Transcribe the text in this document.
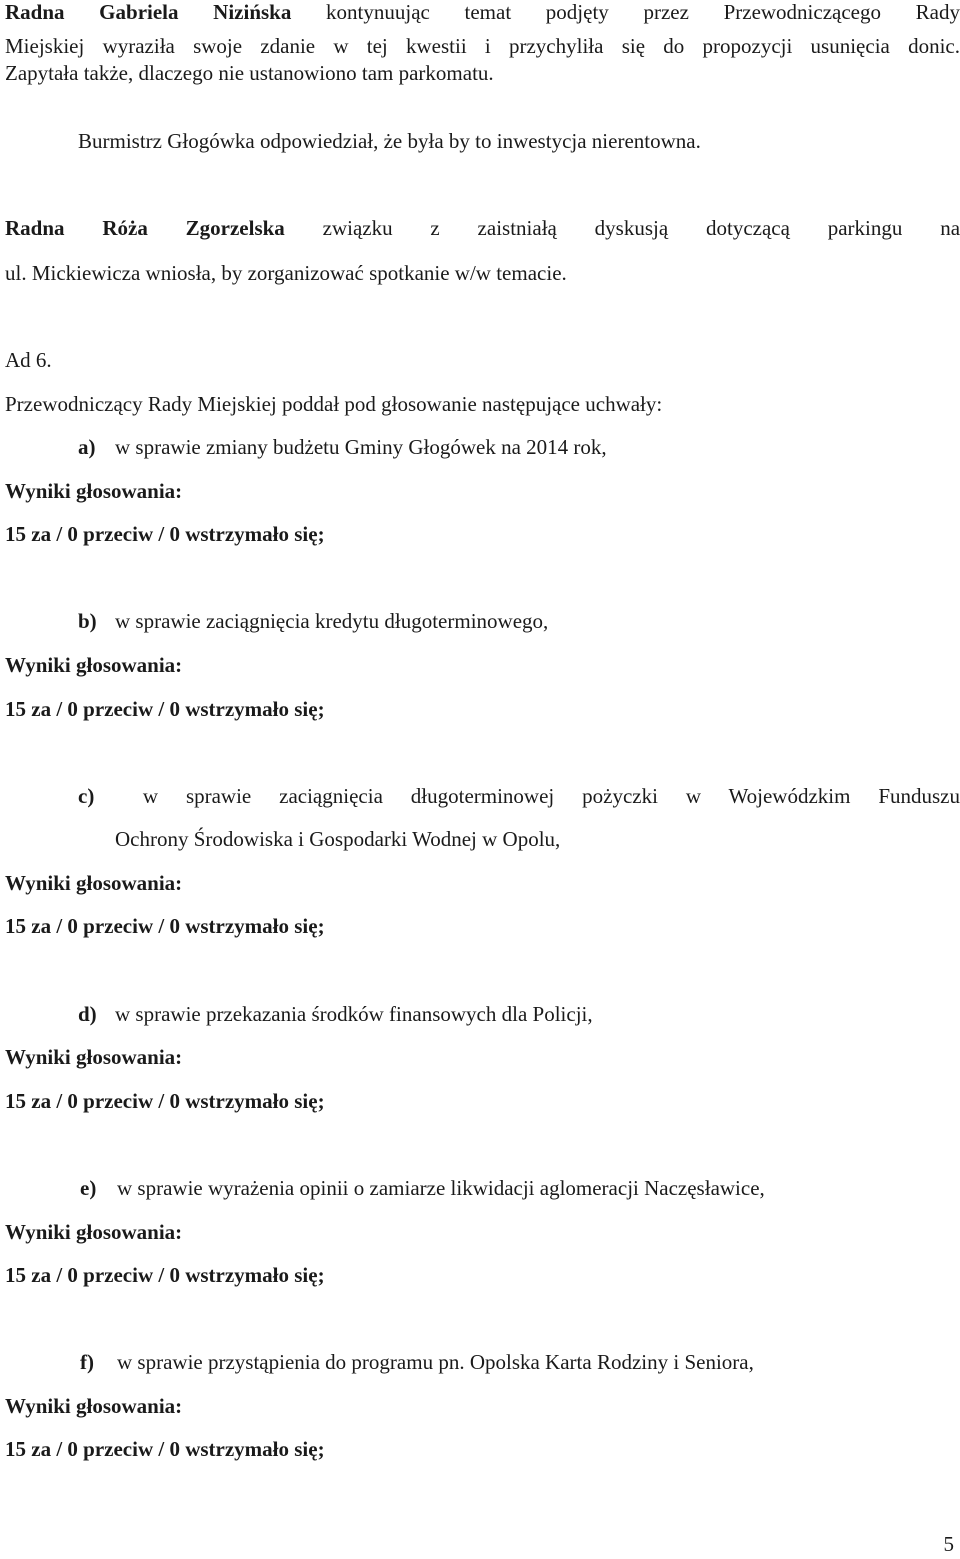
Radna Gabriela Nizińska kontynuując temat podjęty przez Przewodniczącego Rady
Miejskiej wyraziła swoje zdanie w tej kwestii i przychyliła się do propozycji usunięcia donic.
Zapytała także, dlaczego nie ustanowiono tam parkomatu.
Burmistrz Głogówka odpowiedział, że była by to inwestycja nierentowna.
Radna Róża Zgorzelska związku z zaistniałą dyskusją dotyczącą parkingu na
ul. Mickiewicza wniosła, by zorganizować spotkanie w/w temacie.
Ad 6.
Przewodniczący Rady Miejskiej poddał pod głosowanie następujące uchwały:
a) w sprawie zmiany budżetu Gminy Głogówek na 2014 rok,
Wyniki głosowania:
15 za / 0 przeciw / 0 wstrzymało się;
b) w sprawie zaciągnięcia kredytu długoterminowego,
Wyniki głosowania:
15 za / 0 przeciw / 0 wstrzymało się;
c) w sprawie zaciągnięcia długoterminowej pożyczki w Wojewódzkim Funduszu
Ochrony Środowiska i Gospodarki Wodnej w Opolu,
Wyniki głosowania:
15 za / 0 przeciw / 0 wstrzymało się;
d) w sprawie przekazania środków finansowych dla Policji,
Wyniki głosowania:
15 za / 0 przeciw / 0 wstrzymało się;
e) w sprawie wyrażenia opinii o zamiarze likwidacji aglomeracji Naczęsławice,
Wyniki głosowania:
15 za / 0 przeciw / 0 wstrzymało się;
f) w sprawie przystąpienia do programu pn. Opolska Karta Rodziny i Seniora,
Wyniki głosowania:
15 za / 0 przeciw / 0 wstrzymało się;
5
